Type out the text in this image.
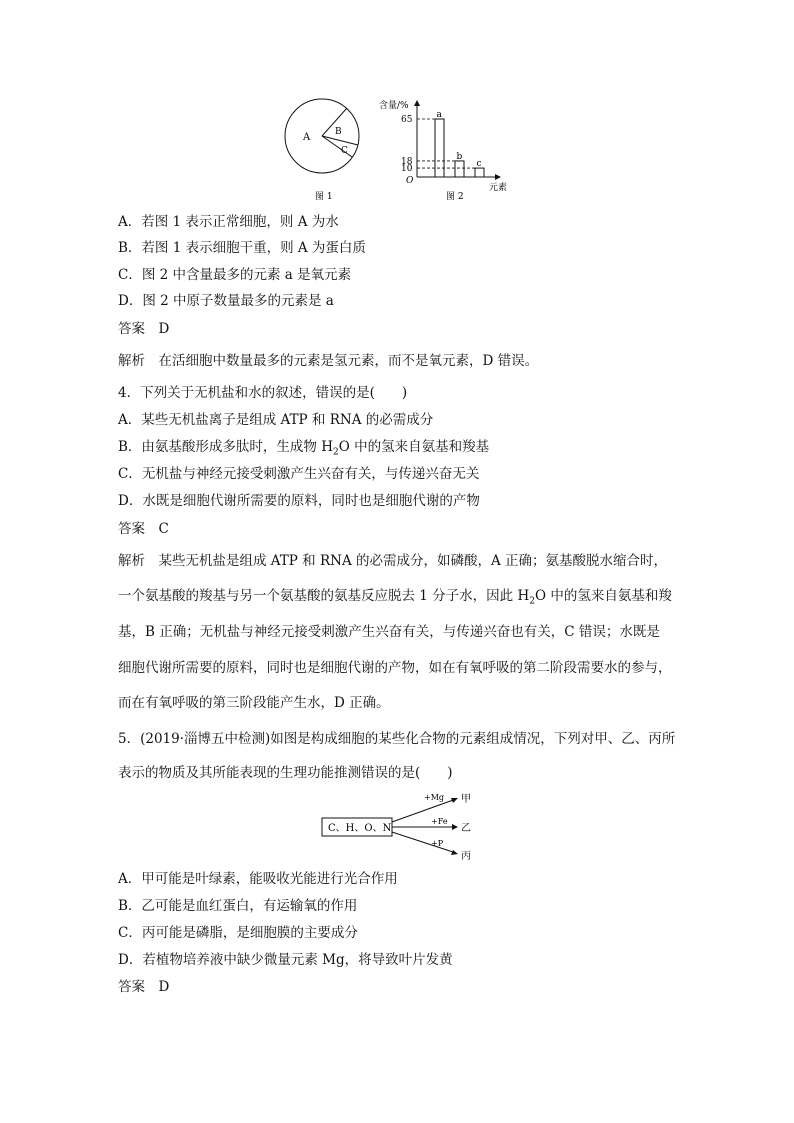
A	B
C
图 1
含量/%
元素
O
a
65
b
18	c
10
图 2
A．若图 1 表示正常细胞，则 A 为水
B．若图 1 表示细胞干重，则 A 为蛋白质
C．图 2 中含量最多的元素 a 是氧元素
D．图 2 中原子数量最多的元素是 a
答案　D
解析　在活细胞中数量最多的元素是氢元素，而不是氧元素，D 错误。
4．下列关于无机盐和水的叙述，错误的是(　　)
A．某些无机盐离子是组成 ATP 和 RNA 的必需成分
B．由氨基酸形成多肽时，生成物 $H_2O$ 中的氢来自氨基和羧基
C．无机盐与神经元接受刺激产生兴奋有关，与传递兴奋无关
D．水既是细胞代谢所需要的原料，同时也是细胞代谢的产物
答案　C
解析　某些无机盐是组成 ATP 和 RNA 的必需成分，如磷酸，A 正确；氨基酸脱水缩合时，
一个氨基酸的羧基与另一个氨基酸的氨基反应脱去 1 分子水，因此 $H_2O$ 中的氢来自氨基和羧
基，B 正确；无机盐与神经元接受刺激产生兴奋有关，与传递兴奋也有关，C 错误；水既是
细胞代谢所需要的原料，同时也是细胞代谢的产物，如在有氧呼吸的第二阶段需要水的参与，
而在有氧呼吸的第三阶段能产生水，D 正确。
5．(2019·淄博五中检测)如图是构成细胞的某些化合物的元素组成情况，下列对甲、乙、丙所
表示的物质及其所能表现的生理功能推测错误的是(　　)
C、H、O、N
+Mg 甲
+Fe
乙
+P
丙
A．甲可能是叶绿素，能吸收光能进行光合作用
B．乙可能是血红蛋白，有运输氧的作用
C．丙可能是磷脂，是细胞膜的主要成分
D．若植物培养液中缺少微量元素 Mg，将导致叶片发黄
答案　D
